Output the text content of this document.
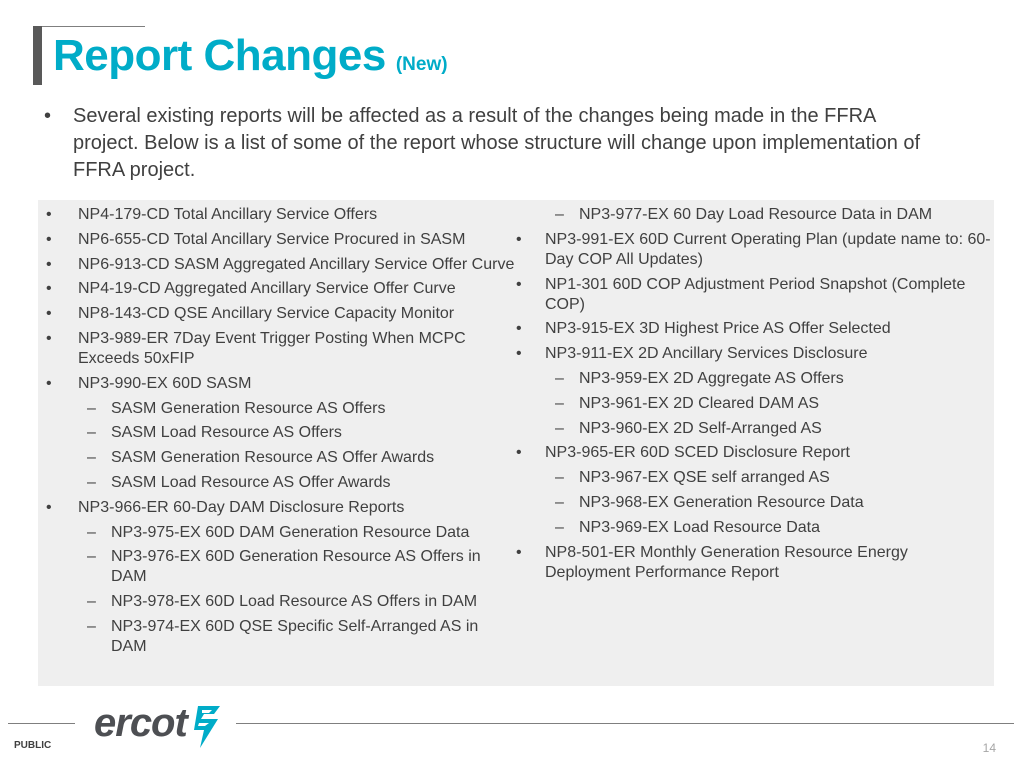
Report Changes (New)
• Several existing reports will be affected as a result of the changes being made in the FFRA project. Below is a list of some of the report whose structure will change upon implementation of FFRA project.
• NP4-179-CD Total Ancillary Service Offers
• NP6-655-CD Total Ancillary Service Procured in SASM
• NP6-913-CD SASM Aggregated Ancillary Service Offer Curve
• NP4-19-CD Aggregated Ancillary Service Offer Curve
• NP8-143-CD QSE Ancillary Service Capacity Monitor
• NP3-989-ER 7Day Event Trigger Posting When MCPC Exceeds 50xFIP
• NP3-990-EX 60D SASM
– SASM Generation Resource AS Offers
– SASM Load Resource AS Offers
– SASM Generation Resource AS Offer Awards
– SASM Load Resource AS Offer Awards
• NP3-966-ER 60-Day DAM Disclosure Reports
– NP3-975-EX 60D DAM Generation Resource Data
– NP3-976-EX 60D Generation Resource AS Offers in DAM
– NP3-978-EX 60D Load Resource AS Offers in DAM
– NP3-974-EX 60D QSE Specific Self-Arranged AS in DAM
– NP3-977-EX 60 Day Load Resource Data in DAM
• NP3-991-EX 60D Current Operating Plan (update name to: 60-Day COP All Updates)
• NP1-301 60D COP Adjustment Period Snapshot (Complete COP)
• NP3-915-EX 3D Highest Price AS Offer Selected
• NP3-911-EX 2D Ancillary Services Disclosure
– NP3-959-EX 2D Aggregate AS Offers
– NP3-961-EX 2D Cleared DAM AS
– NP3-960-EX 2D Self-Arranged AS
• NP3-965-ER 60D SCED Disclosure Report
– NP3-967-EX QSE self arranged AS
– NP3-968-EX Generation Resource Data
– NP3-969-EX Load Resource Data
• NP8-501-ER Monthly Generation Resource Energy Deployment Performance Report
ercot
PUBLIC	14
